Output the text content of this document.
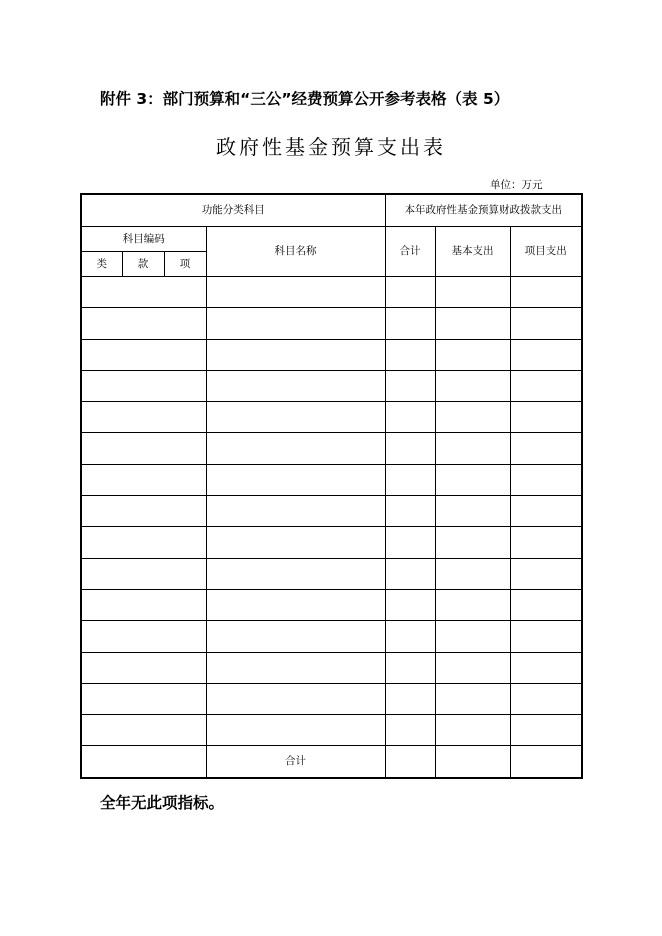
附件 3：部门预算和“三公”经费预算公开参考表格（表 5）
政府性基金预算支出表
单位：万元
功能分类科目				本年政府性基金预算财政拨款支出		
科目编码			科目名称	合计	基本支出	项目支出
类	款	项				

			合计			
全年无此项指标。
